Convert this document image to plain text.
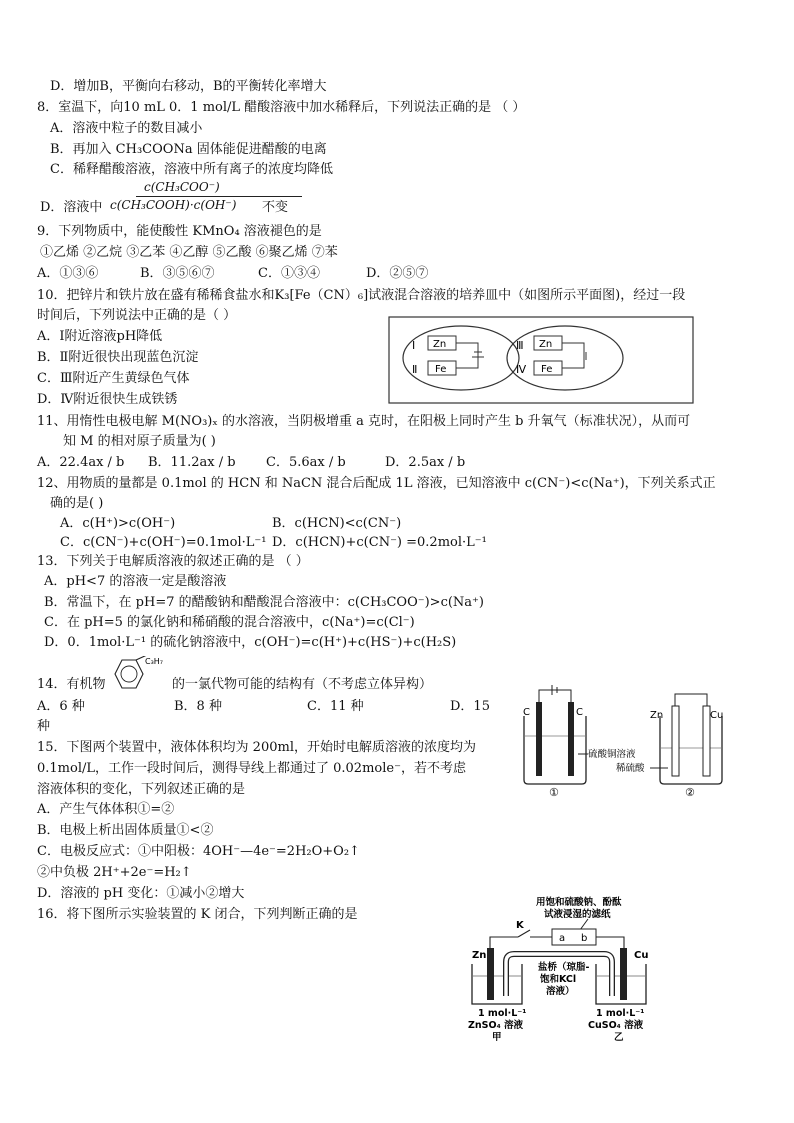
D．增加B，平衡向右移动，B的平衡转化率增大
8．室温下，向10 mL 0．1 mol/L 醋酸溶液中加水稀释后，下列说法正确的是 （ ）
A．溶液中粒子的数目减小
B．再加入 CH₃COONa 固体能促进醋酸的电离
C．稀释醋酸溶液，溶液中所有离子的浓度均降低
c(CH₃COO⁻)
c(CH₃COOH)·c(OH⁻)
D．溶液中	不变
9．下列物质中，能使酸性 KMnO₄ 溶液褪色的是
①乙烯 ②乙烷 ③乙苯 ④乙醇 ⑤乙酸 ⑥聚乙烯 ⑦苯
A．①③⑥	B．③⑤⑥⑦	C．①③④	D．②⑤⑦
10．把锌片和铁片放在盛有稀稀食盐水和K₃[Fe（CN）₆]试液混合溶液的培养皿中（如图所示平面图)，经过一段
时间后，下列说法中正确的是（ ）
A．Ⅰ附近溶液pH降低
B．Ⅱ附近很快出现蓝色沉淀
C．Ⅲ附近产生黄绿色气体
D．Ⅳ附近很快生成铁锈
Ⅰ
Ⅱ
Zn
Fe
Ⅲ
Ⅳ
Zn
Fe
11、用惰性电极电解 M(NO₃)ₓ 的水溶液，当阴极增重 a 克时，在阳极上同时产生 b 升氧气（标准状况），从而可
知 M 的相对原子质量为( )
A．22.4ax / b B．11.2ax / b C．5.6ax / b	D．2.5ax / b
12、用物质的量都是 0.1mol 的 HCN 和 NaCN 混合后配成 1L 溶液，已知溶液中 c(CN⁻)<c(Na⁺)，下列关系式正
确的是( )
A．c(H⁺)>c(OH⁻)	B．c(HCN)<c(CN⁻)
C．c(CN⁻)+c(OH⁻)=0.1mol·L⁻¹ D．c(HCN)+c(CN⁻) =0.2mol·L⁻¹
13．下列关于电解质溶液的叙述正确的是 （ ）
A．pH<7 的溶液一定是酸溶液
B．常温下，在 pH=7 的醋酸钠和醋酸混合溶液中：c(CH₃COO⁻)>c(Na⁺)
C．在 pH=5 的氯化钠和稀硝酸的混合溶液中，c(Na⁺)=c(Cl⁻)
D．0．1mol·L⁻¹ 的硫化钠溶液中，c(OH⁻)=c(H⁺)+c(HS⁻)+c(H₂S)
14．有机物
C₃H₇
的一氯代物可能的结构有（不考虑立体异构）
A．6 种	B．8 种	C．11 种	D．15
种
C	C
硫酸铜溶液
①
Zn	Cu
稀硫酸
②
15．下图两个装置中，液体体积均为 200ml，开始时电解质溶液的浓度均为
0.1mol/L，工作一段时间后，测得导线上都通过了 0.02mole⁻，若不考虑
溶液体积的变化，下列叙述正确的是
A．产生气体体积①=②
B．电极上析出固体质量①<②
C．电极反应式：①中阳极：4OH⁻—4e⁻=2H₂O+O₂↑
②中负极 2H⁺+2e⁻=H₂↑
D．溶液的 pH 变化：①减小②增大
16．将下图所示实验装置的 K 闭合，下列判断正确的是
用饱和硫酸钠、酚酞
试液浸湿的滤纸
K
a b
Zn	Cu
盐桥（琼脂-
饱和KCl
溶液）
1 mol·L⁻¹
ZnSO₄ 溶液
甲
1 mol·L⁻¹
CuSO₄ 溶液
乙
